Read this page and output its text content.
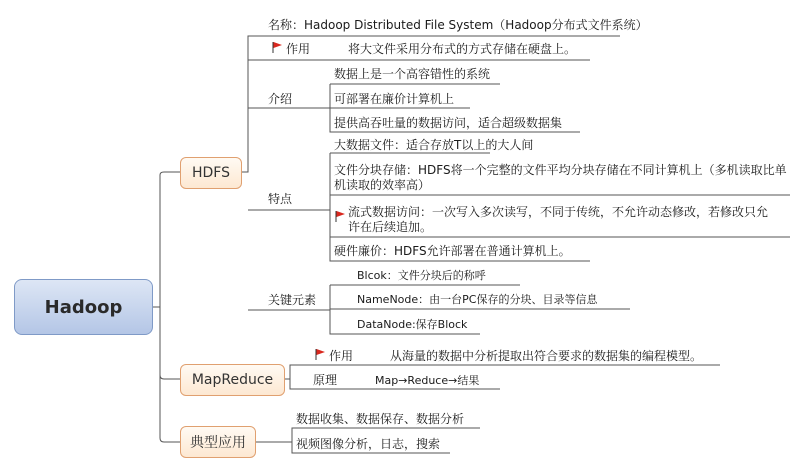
Hadoop
HDFS
MapReduce
典型应用
名称：Hadoop Distributed File System（Hadoop分布式文件系统）
作用	将大文件采用分布式的方式存储在硬盘上。
介绍
数据上是一个高容错性的系统
可部署在廉价计算机上
提供高吞吐量的数据访问，适合超级数据集
特点
大数据文件：适合存放T以上的大人间
文件分块存储：HDFS将一个完整的文件平均分块存储在不同计算机上（多机读取比单机读取的效率高）
流式数据访问：一次写入多次读写，不同于传统，不允许动态修改，若修改只允许在后续追加。
硬件廉价：HDFS允许部署在普通计算机上。
关键元素
Blcok：文件分块后的称呼
NameNode：由一台PC保存的分块、目录等信息
DataNode:保存Block
作用	从海量的数据中分析提取出符合要求的数据集的编程模型。
原理	Map→Reduce→结果
数据收集、数据保存、数据分析
视频图像分析，日志，搜索
